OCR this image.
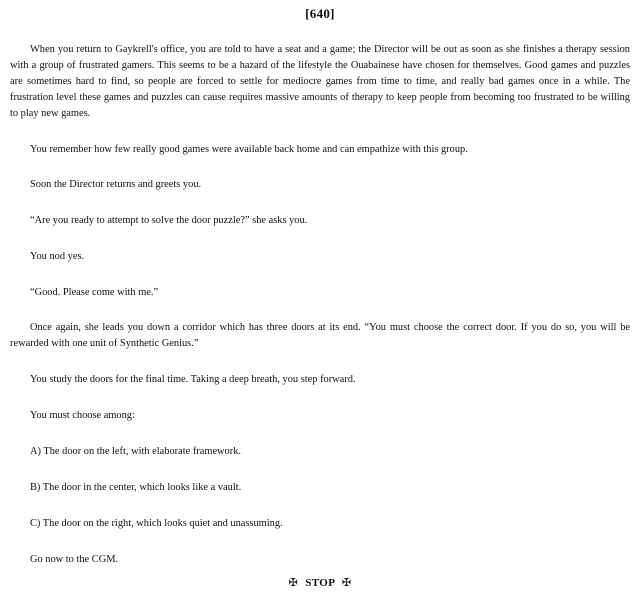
[640]

When you return to Gaykrell's office, you are told to have a seat and a game; the Director will be out as soon as she finishes a therapy session with a group of frustrated gamers. This seems to be a hazard of the lifestyle the Ouabainese have chosen for themselves. Good games and puzzles are sometimes hard to find, so people are forced to settle for mediocre games from time to time, and really bad games once in a while. The frustration level these games and puzzles can cause requires massive amounts of therapy to keep people from becoming too frustrated to be willing to play new games.

You remember how few really good games were available back home and can empathize with this group.

Soon the Director returns and greets you.

“Are you ready to attempt to solve the door puzzle?” she asks you.

You nod yes.

“Good. Please come with me.”

Once again, she leads you down a corridor which has three doors at its end. “You must choose the correct door. If you do so, you will be rewarded with one unit of Synthetic Genius.”

You study the doors for the final time. Taking a deep breath, you step forward.

You must choose among:

A) The door on the left, with elaborate framework.

B) The door in the center, which looks like a vault.

C) The door on the right, which looks quiet and unassuming.

Go now to the CGM.

✠ STOP ✠
